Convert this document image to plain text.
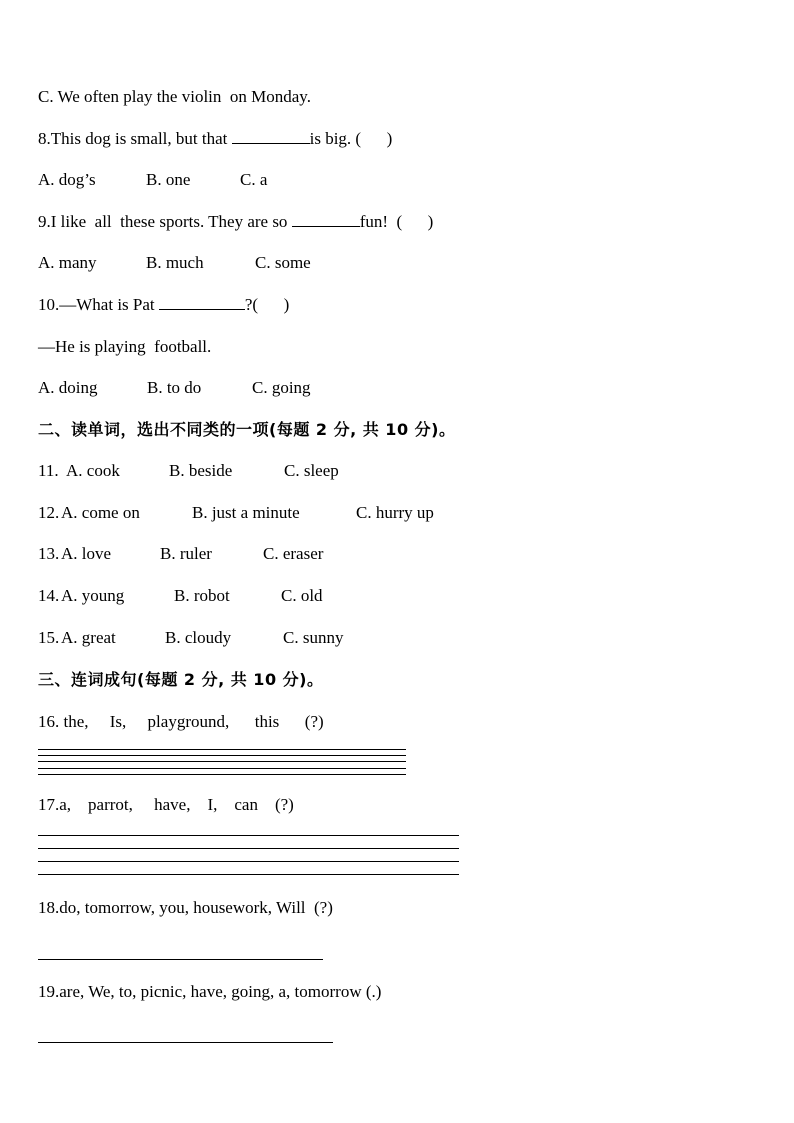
C. We often play the violin  on Monday.
8.This dog is small, but that	is big. (      )
A. dog’s	B. one	C. a
9.I like  all  these sports. They are so	fun!  (      )
A. many	B. much	C. some
10.—What is Pat	?(      )
—He is playing  football.
A. doing	B. to do	C. going
二、读单词，选出不同类的一项(每题 2 分, 共 10 分)。
11. A. cook	B. beside	C. sleep
12. A. come on	B. just a minute	C. hurry up
13. A. love	B. ruler	C. eraser
14. A. young	B. robot	C. old
15. A. great	B. cloudy	C. sunny
三、连词成句(每题 2 分, 共 10 分)。
16. the,     Is,     playground,      this      (?)
17.a,    parrot,     have,    I,    can    (?)
18.do, tomorrow, you, housework, Will  (?)
19.are, We, to, picnic, have, going, a, tomorrow (.)
